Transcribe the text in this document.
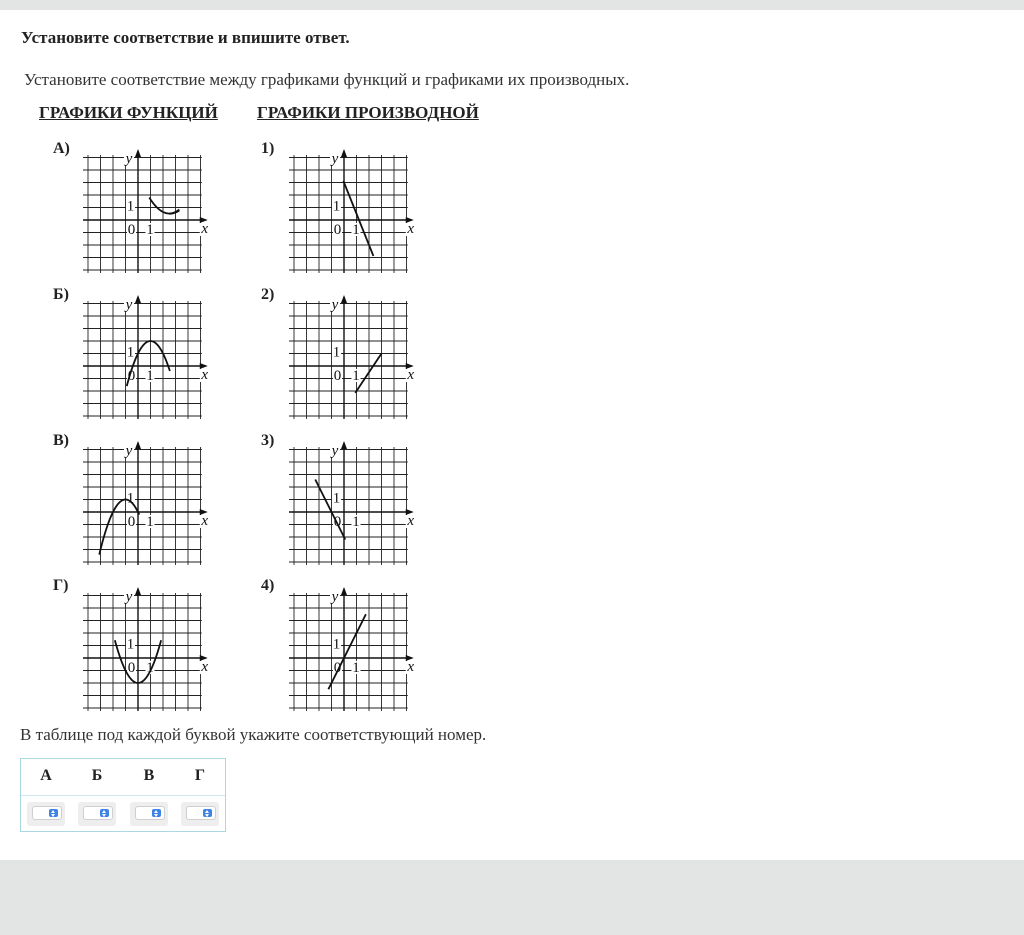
Установите соответствие и впишите ответ.
Установите соответствие между графиками функций и графиками их производных.
ГРАФИКИ ФУНКЦИЙ ГРАФИКИ ПРОИЗВОДНОЙ
А)
Б)
В)
Г)
1)
2)
3)
4)
y
x
0 1
1
y
x
0 1
1
y
x
0 1
1
y
x
0 1
1
y
x
0 1
1
y
x
0 1
1
y
x
0 1
1
y
x
0 1
1
В таблице под каждой буквой укажите соответствующий номер.
А	Б	В	Г
